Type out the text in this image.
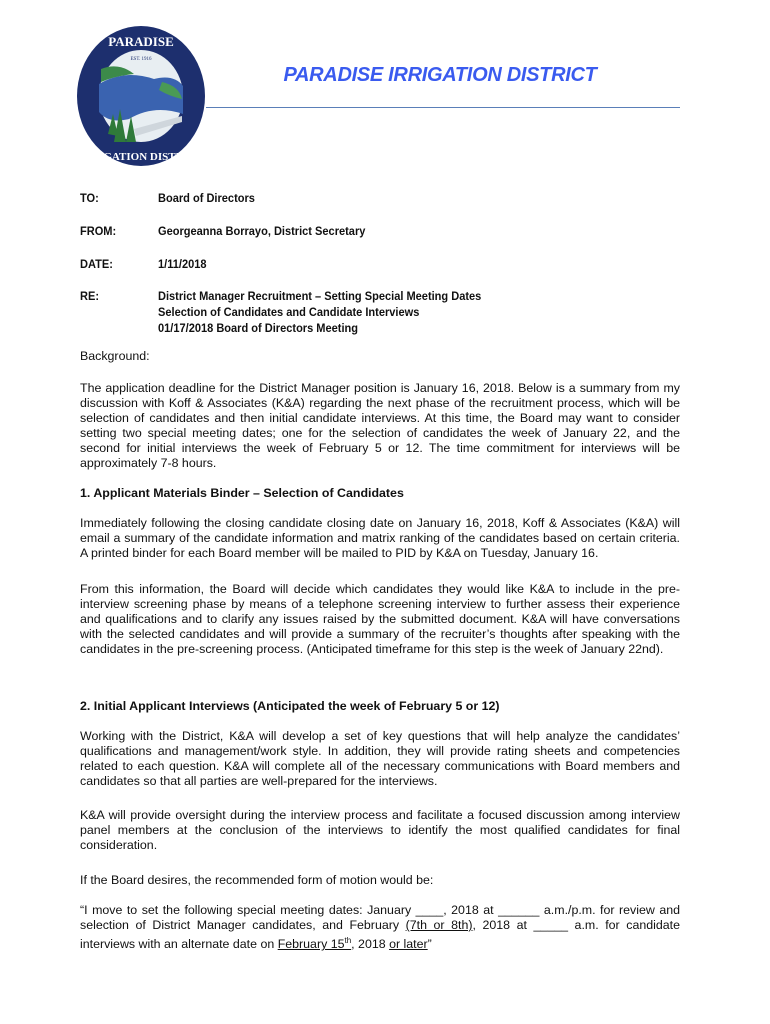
PARADISE
IRRIGATION DISTRICT
EST. 1916
PARADISE IRRIGATION DISTRICT
TO:	Board of Directors
FROM:	Georgeanna Borrayo, District Secretary
DATE:	1/11/2018
RE:	District Manager Recruitment – Setting Special Meeting Dates
Selection of Candidates and Candidate Interviews
01/17/2018 Board of Directors Meeting
Background:
The application deadline for the District Manager position is January 16, 2018. Below is a summary from my discussion with Koff & Associates (K&A) regarding the next phase of the recruitment process, which will be selection of candidates and then initial candidate interviews. At this time, the Board may want to consider setting two special meeting dates; one for the selection of candidates the week of January 22, and the second for initial interviews the week of February 5 or 12. The time commitment for interviews will be approximately 7-8 hours.
1. Applicant Materials Binder – Selection of Candidates
Immediately following the closing candidate closing date on January 16, 2018, Koff & Associates (K&A) will email a summary of the candidate information and matrix ranking of the candidates based on certain criteria. A printed binder for each Board member will be mailed to PID by K&A on Tuesday, January 16.
From this information, the Board will decide which candidates they would like K&A to include in the pre-interview screening phase by means of a telephone screening interview to further assess their experience and qualifications and to clarify any issues raised by the submitted document. K&A will have conversations with the selected candidates and will provide a summary of the recruiter’s thoughts after speaking with the candidates in the pre-screening process. (Anticipated timeframe for this step is the week of January 22nd).
2. Initial Applicant Interviews (Anticipated the week of February 5 or 12)
Working with the District, K&A will develop a set of key questions that will help analyze the candidates’ qualifications and management/work style. In addition, they will provide rating sheets and competencies related to each question. K&A will complete all of the necessary communications with Board members and candidates so that all parties are well-prepared for the interviews.
K&A will provide oversight during the interview process and facilitate a focused discussion among interview panel members at the conclusion of the interviews to identify the most qualified candidates for final consideration.
If the Board desires, the recommended form of motion would be:
“I move to set the following special meeting dates: January ____, 2018 at ______ a.m./p.m. for review and selection of District Manager candidates, and February (7th or 8th), 2018 at _____ a.m. for candidate interviews with an alternate date on February 15th, 2018 or later”
